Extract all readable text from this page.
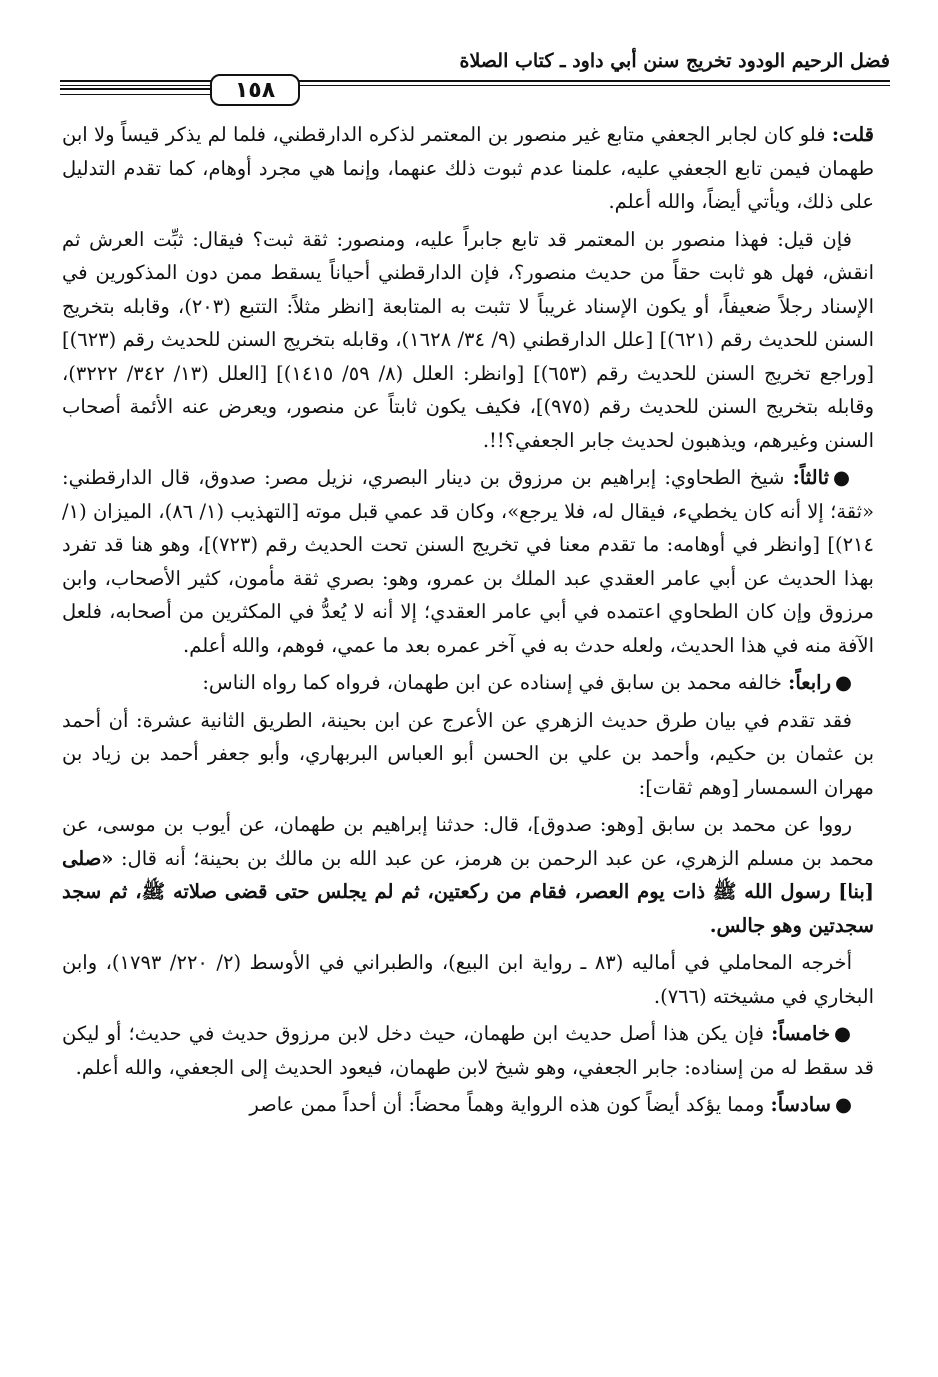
فضل الرحيم الودود تخريج سنن أبي داود ـ كتاب الصلاة
١٥٨

قلت: فلو كان لجابر الجعفي متابع غير منصور بن المعتمر لذكره الدارقطني، فلما لم يذكر قيساً ولا ابن طهمان فيمن تابع الجعفي عليه، علمنا عدم ثبوت ذلك عنهما، وإنما هي مجرد أوهام، كما تقدم التدليل على ذلك، ويأتي أيضاً، والله أعلم.

فإن قيل: فهذا منصور بن المعتمر قد تابع جابراً عليه، ومنصور: ثقة ثبت؟ فيقال: ثبِّت العرش ثم انقش، فهل هو ثابت حقاً من حديث منصور؟، فإن الدارقطني أحياناً يسقط ممن دون المذكورين في الإسناد رجلاً ضعيفاً، أو يكون الإسناد غريباً لا تثبت به المتابعة [انظر مثلاً: التتبع (٢٠٣)، وقابله بتخريج السنن للحديث رقم (٦٢١)] [علل الدارقطني (٩/ ٣٤/ ١٦٢٨)، وقابله بتخريج السنن للحديث رقم (٦٢٣)] [وراجع تخريج السنن للحديث رقم (٦٥٣)] [وانظر: العلل (٨/ ٥٩/ ١٤١٥)] [العلل (١٣/ ٣٤٢/ ٣٢٢٢)، وقابله بتخريج السنن للحديث رقم (٩٧٥)]، فكيف يكون ثابتاً عن منصور، ويعرض عنه الأئمة أصحاب السنن وغيرهم، ويذهبون لحديث جابر الجعفي؟!!.

●ثالثاً: شيخ الطحاوي: إبراهيم بن مرزوق بن دينار البصري، نزيل مصر: صدوق، قال الدارقطني: «ثقة؛ إلا أنه كان يخطيء، فيقال له، فلا يرجع»، وكان قد عمي قبل موته [التهذيب (١/ ٨٦)، الميزان (١/ ٢١٤)] [وانظر في أوهامه: ما تقدم معنا في تخريج السنن تحت الحديث رقم (٧٢٣)]، وهو هنا قد تفرد بهذا الحديث عن أبي عامر العقدي عبد الملك بن عمرو، وهو: بصري ثقة مأمون، كثير الأصحاب، وابن مرزوق وإن كان الطحاوي اعتمده في أبي عامر العقدي؛ إلا أنه لا يُعدُّ في المكثرين من أصحابه، فلعل الآفة منه في هذا الحديث، ولعله حدث به في آخر عمره بعد ما عمي، فوهم، والله أعلم.

●رابعاً: خالفه محمد بن سابق في إسناده عن ابن طهمان، فرواه كما رواه الناس:

فقد تقدم في بيان طرق حديث الزهري عن الأعرج عن ابن بحينة، الطريق الثانية عشرة: أن أحمد بن عثمان بن حكيم، وأحمد بن علي بن الحسن أبو العباس البربهاري، وأبو جعفر أحمد بن زياد بن مهران السمسار [وهم ثقات]:

رووا عن محمد بن سابق [وهو: صدوق]، قال: حدثنا إبراهيم بن طهمان، عن أيوب بن موسى، عن محمد بن مسلم الزهري، عن عبد الرحمن بن هرمز، عن عبد الله بن مالك بن بحينة؛ أنه قال: «صلى [بنا] رسول الله ﷺ ذات يوم العصر، فقام من ركعتين، ثم لم يجلس حتى قضى صلاته ﷺ، ثم سجد سجدتين وهو جالس.

أخرجه المحاملي في أماليه (٨٣ ـ رواية ابن البيع)، والطبراني في الأوسط (٢/ ٢٢٠/ ١٧٩٣)، وابن البخاري في مشيخته (٧٦٦).

●خامساً: فإن يكن هذا أصل حديث ابن طهمان، حيث دخل لابن مرزوق حديث في حديث؛ أو ليكن قد سقط له من إسناده: جابر الجعفي، وهو شيخ لابن طهمان، فيعود الحديث إلى الجعفي، والله أعلم.

●سادساً: ومما يؤكد أيضاً كون هذه الرواية وهماً محضاً: أن أحداً ممن عاصر
